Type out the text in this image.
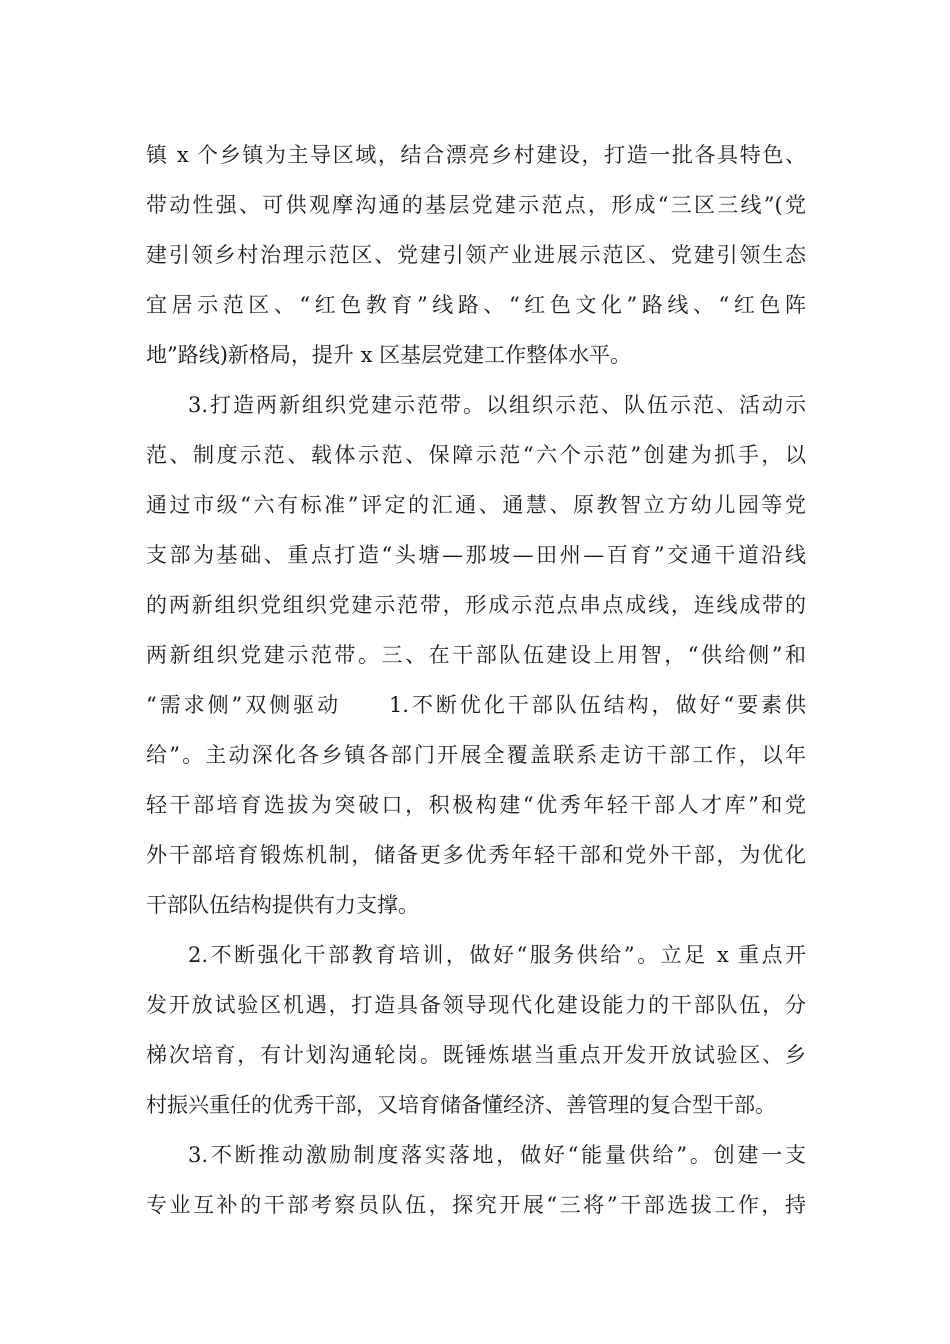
镇 x 个乡镇为主导区域，结合漂亮乡村建设，打造一批各具特色、
带动性强、可供观摩沟通的基层党建示范点，形成“三区三线”(党
建引领乡村治理示范区、党建引领产业进展示范区、党建引领生态
宜居示范区、“红色教育”线路、“红色文化”路线、“红色阵
地”路线)新格局，提升 x 区基层党建工作整体水平。
3.打造两新组织党建示范带。以组织示范、队伍示范、活动示
范、制度示范、载体示范、保障示范“六个示范”创建为抓手，以
通过市级“六有标准”评定的汇通、通慧、原教智立方幼儿园等党
支部为基础、重点打造“头塘—那坡—田州—百育”交通干道沿线
的两新组织党组织党建示范带，形成示范点串点成线，连线成带的
两新组织党建示范带。三、在干部队伍建设上用智，“供给侧”和
“需求侧”双侧驱动　　1.不断优化干部队伍结构，做好“要素供
给”。主动深化各乡镇各部门开展全覆盖联系走访干部工作，以年
轻干部培育选拔为突破口，积极构建“优秀年轻干部人才库”和党
外干部培育锻炼机制，储备更多优秀年轻干部和党外干部，为优化
干部队伍结构提供有力支撑。
2.不断强化干部教育培训，做好“服务供给”。立足 x 重点开
发开放试验区机遇，打造具备领导现代化建设能力的干部队伍，分
梯次培育，有计划沟通轮岗。既锤炼堪当重点开发开放试验区、乡
村振兴重任的优秀干部，又培育储备懂经济、善管理的复合型干部。
3.不断推动激励制度落实落地，做好“能量供给”。创建一支
专业互补的干部考察员队伍，探究开展“三将”干部选拔工作，持
